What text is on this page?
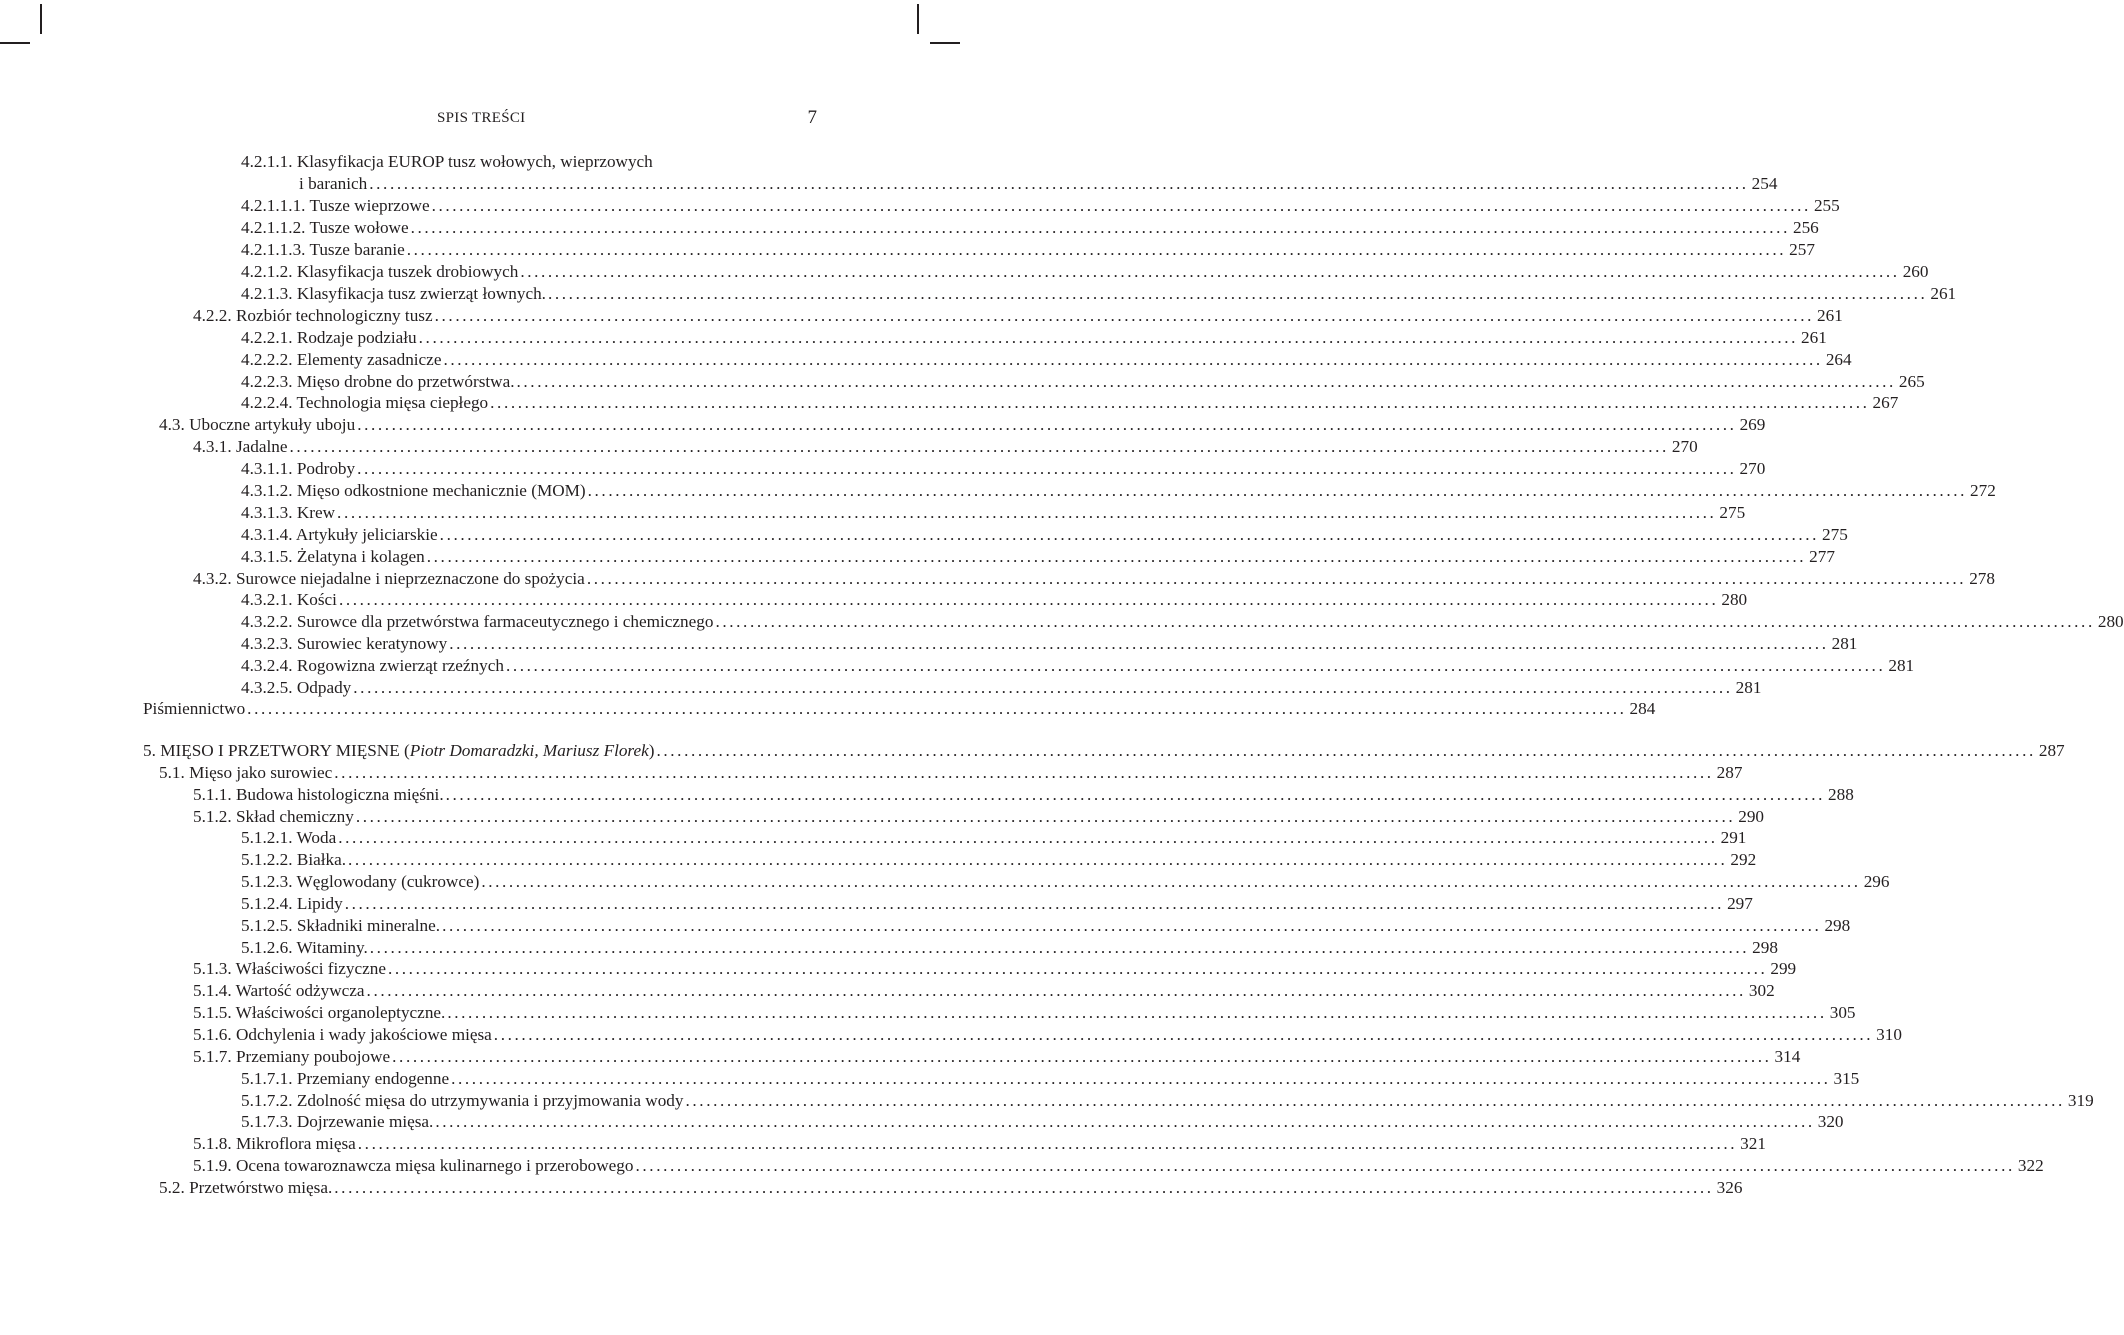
SPIS TREŚCI	7
4.2.1.1. Klasyfikacja EUROP tusz wołowych, wieprzowych
i baranich ........................................................................................................................................................................................................ 254
4.2.1.1.1. Tusze wieprzowe ........................................................................................................................................................................................................ 255
4.2.1.1.2. Tusze wołowe ........................................................................................................................................................................................................ 256
4.2.1.1.3. Tusze baranie ........................................................................................................................................................................................................ 257
4.2.1.2. Klasyfikacja tuszek drobiowych ........................................................................................................................................................................................................ 260
4.2.1.3. Klasyfikacja tusz zwierząt łownych. ........................................................................................................................................................................................................ 261
4.2.2. Rozbiór technologiczny tusz ........................................................................................................................................................................................................ 261
4.2.2.1. Rodzaje podziału ........................................................................................................................................................................................................ 261
4.2.2.2. Elementy zasadnicze ........................................................................................................................................................................................................ 264
4.2.2.3. Mięso drobne do przetwórstwa. ........................................................................................................................................................................................................ 265
4.2.2.4. Technologia mięsa ciepłego ........................................................................................................................................................................................................ 267
4.3. Uboczne artykuły uboju ........................................................................................................................................................................................................ 269
4.3.1. Jadalne ........................................................................................................................................................................................................ 270
4.3.1.1. Podroby ........................................................................................................................................................................................................ 270
4.3.1.2. Mięso odkostnione mechanicznie (MOM) ........................................................................................................................................................................................................ 272
4.3.1.3. Krew ........................................................................................................................................................................................................ 275
4.3.1.4. Artykuły jeliciarskie ........................................................................................................................................................................................................ 275
4.3.1.5. Żelatyna i kolagen ........................................................................................................................................................................................................ 277
4.3.2. Surowce niejadalne i nieprzeznaczone do spożycia ........................................................................................................................................................................................................ 278
4.3.2.1. Kości ........................................................................................................................................................................................................ 280
4.3.2.2. Surowce dla przetwórstwa farmaceutycznego i chemicznego ........................................................................................................................................................................................................ 280
4.3.2.3. Surowiec keratynowy ........................................................................................................................................................................................................ 281
4.3.2.4. Rogowizna zwierząt rzeźnych ........................................................................................................................................................................................................ 281
4.3.2.5. Odpady ........................................................................................................................................................................................................ 281
Piśmiennictwo ........................................................................................................................................................................................................ 284
5. MIĘSO I PRZETWORY MIĘSNE (Piotr Domaradzki, Mariusz Florek) ........................................................................................................................................................................................................ 287
5.1. Mięso jako surowiec ........................................................................................................................................................................................................ 287
5.1.1. Budowa histologiczna mięśni. ........................................................................................................................................................................................................ 288
5.1.2. Skład chemiczny ........................................................................................................................................................................................................ 290
5.1.2.1. Woda ........................................................................................................................................................................................................ 291
5.1.2.2. Białka. ........................................................................................................................................................................................................ 292
5.1.2.3. Węglowodany (cukrowce) ........................................................................................................................................................................................................ 296
5.1.2.4. Lipidy ........................................................................................................................................................................................................ 297
5.1.2.5. Składniki mineralne. ........................................................................................................................................................................................................ 298
5.1.2.6. Witaminy. ........................................................................................................................................................................................................ 298
5.1.3. Właściwości fizyczne ........................................................................................................................................................................................................ 299
5.1.4. Wartość odżywcza ........................................................................................................................................................................................................ 302
5.1.5. Właściwości organoleptyczne. ........................................................................................................................................................................................................ 305
5.1.6. Odchylenia i wady jakościowe mięsa ........................................................................................................................................................................................................ 310
5.1.7. Przemiany poubojowe ........................................................................................................................................................................................................ 314
5.1.7.1. Przemiany endogenne ........................................................................................................................................................................................................ 315
5.1.7.2. Zdolność mięsa do utrzymywania i przyjmowania wody ........................................................................................................................................................................................................ 319
5.1.7.3. Dojrzewanie mięsa. ........................................................................................................................................................................................................ 320
5.1.8. Mikroflora mięsa ........................................................................................................................................................................................................ 321
5.1.9. Ocena towaroznawcza mięsa kulinarnego i przerobowego ........................................................................................................................................................................................................ 322
5.2. Przetwórstwo mięsa. ........................................................................................................................................................................................................ 326
